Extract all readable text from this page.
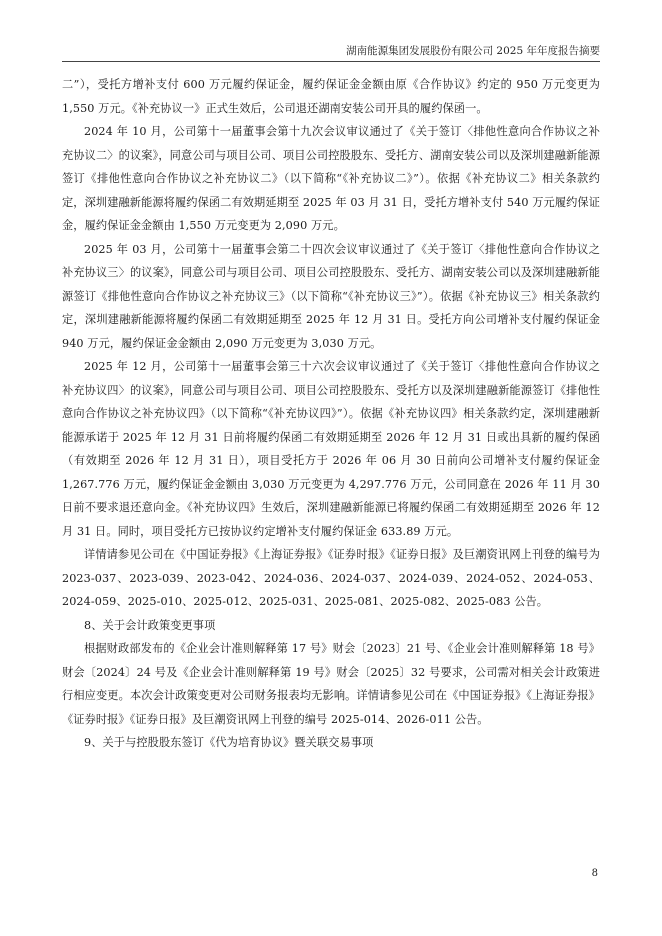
湖南能源集团发展股份有限公司 2025 年年度报告摘要

二”），受托方增补支付 600 万元履约保证金，履约保证金金额由原《合作协议》约定的 950 万元变更为 1,550 万元。《补充协议一》正式生效后，公司退还湖南安装公司开具的履约保函一。

2024 年 10 月，公司第十一届董事会第十九次会议审议通过了《关于签订〈排他性意向合作协议之补充协议二〉的议案》，同意公司与项目公司、项目公司控股股东、受托方、湖南安装公司以及深圳建融新能源签订《排他性意向合作协议之补充协议二》（以下简称“《补充协议二》”）。依据《补充协议二》相关条款约定，深圳建融新能源将履约保函二有效期延期至 2025 年 03 月 31 日，受托方增补支付 540 万元履约保证金，履约保证金金额由 1,550 万元变更为 2,090 万元。

2025 年 03 月，公司第十一届董事会第二十四次会议审议通过了《关于签订〈排他性意向合作协议之补充协议三〉的议案》，同意公司与项目公司、项目公司控股股东、受托方、湖南安装公司以及深圳建融新能源签订《排他性意向合作协议之补充协议三》（以下简称“《补充协议三》”）。依据《补充协议三》相关条款约定，深圳建融新能源将履约保函二有效期延期至 2025 年 12 月 31 日。受托方向公司增补支付履约保证金 940 万元，履约保证金金额由 2,090 万元变更为 3,030 万元。

2025 年 12 月，公司第十一届董事会第三十六次会议审议通过了《关于签订〈排他性意向合作协议之补充协议四〉的议案》，同意公司与项目公司、项目公司控股股东、受托方以及深圳建融新能源签订《排他性意向合作协议之补充协议四》（以下简称“《补充协议四》”）。依据《补充协议四》相关条款约定，深圳建融新能源承诺于 2025 年 12 月 31 日前将履约保函二有效期延期至 2026 年 12 月 31 日或出具新的履约保函（有效期至 2026 年 12 月 31 日），项目受托方于 2026 年 06 月 30 日前向公司增补支付履约保证金 1,267.776 万元，履约保证金金额由 3,030 万元变更为 4,297.776 万元，公司同意在 2026 年 11 月 30 日前不要求退还意向金。《补充协议四》生效后，深圳建融新能源已将履约保函二有效期延期至 2026 年 12 月 31 日。同时，项目受托方已按协议约定增补支付履约保证金 633.89 万元。

详情请参见公司在《中国证券报》《上海证券报》《证券时报》《证券日报》及巨潮资讯网上刊登的编号为 2023-037、2023-039、2023-042、2024-036、2024-037、2024-039、2024-052、2024-053、2024-059、2025-010、2025-012、2025-031、2025-081、2025-082、2025-083 公告。

8、关于会计政策变更事项

根据财政部发布的《企业会计准则解释第 17 号》财会〔2023〕21 号、《企业会计准则解释第 18 号》财会〔2024〕24 号及《企业会计准则解释第 19 号》财会〔2025〕32 号要求，公司需对相关会计政策进行相应变更。本次会计政策变更对公司财务报表均无影响。详情请参见公司在《中国证券报》《上海证券报》《证券时报》《证券日报》及巨潮资讯网上刊登的编号 2025-014、2026-011 公告。

9、关于与控股股东签订《代为培育协议》暨关联交易事项

8
